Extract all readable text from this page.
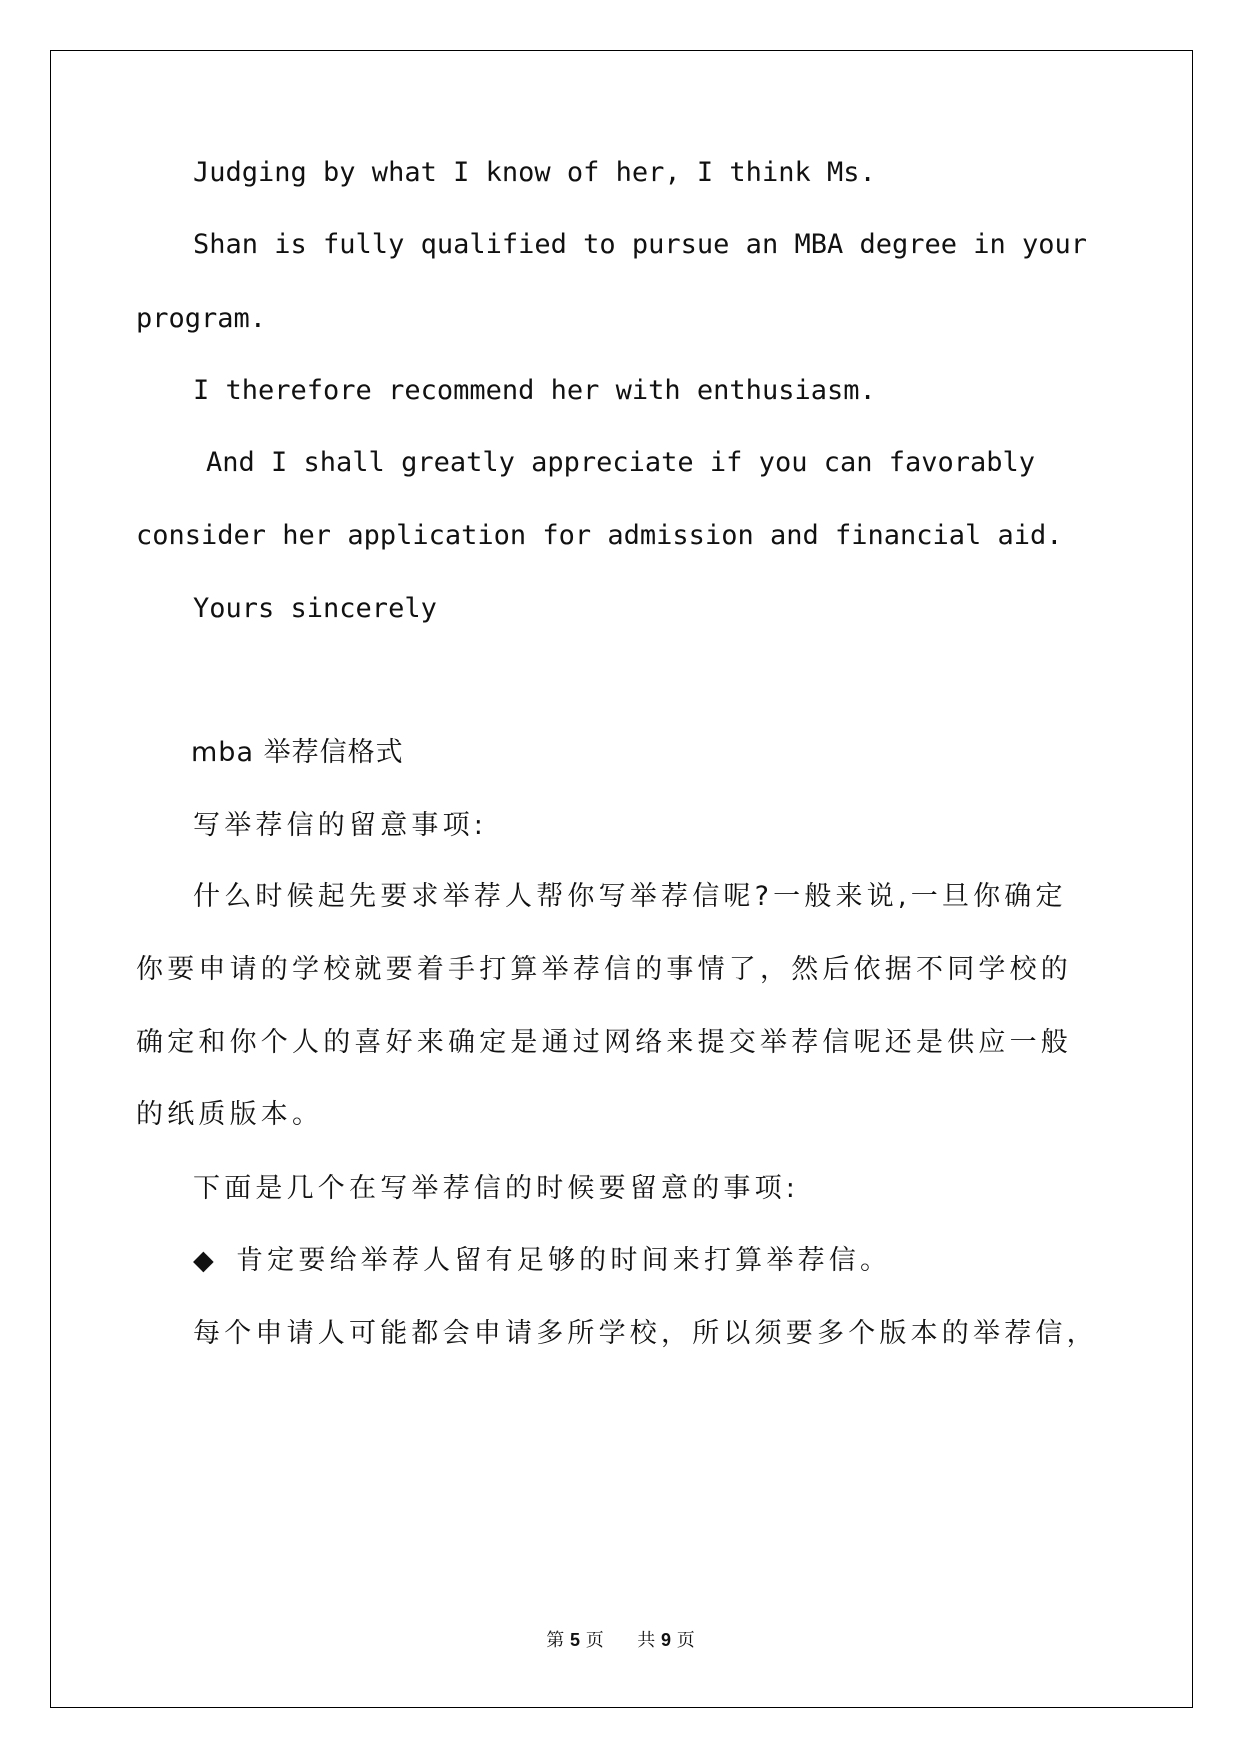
Judging by what I know of her, I think Ms.
Shan is fully qualified to pursue an MBA degree in your
program.
I therefore recommend her with enthusiasm.
And I shall greatly appreciate if you can favorably
consider her application for admission and financial aid.
Yours sincerely
mba 举荐信格式
写举荐信的留意事项:
什么时候起先要求举荐人帮你写举荐信呢?一般来说,一旦你确定
你要申请的学校就要着手打算举荐信的事情了，然后依据不同学校的
确定和你个人的喜好来确定是通过网络来提交举荐信呢还是供应一般
的纸质版本。
下面是几个在写举荐信的时候要留意的事项:
◆ 肯定要给举荐人留有足够的时间来打算举荐信。
每个申请人可能都会申请多所学校，所以须要多个版本的举荐信，
第 5 页 共 9 页
